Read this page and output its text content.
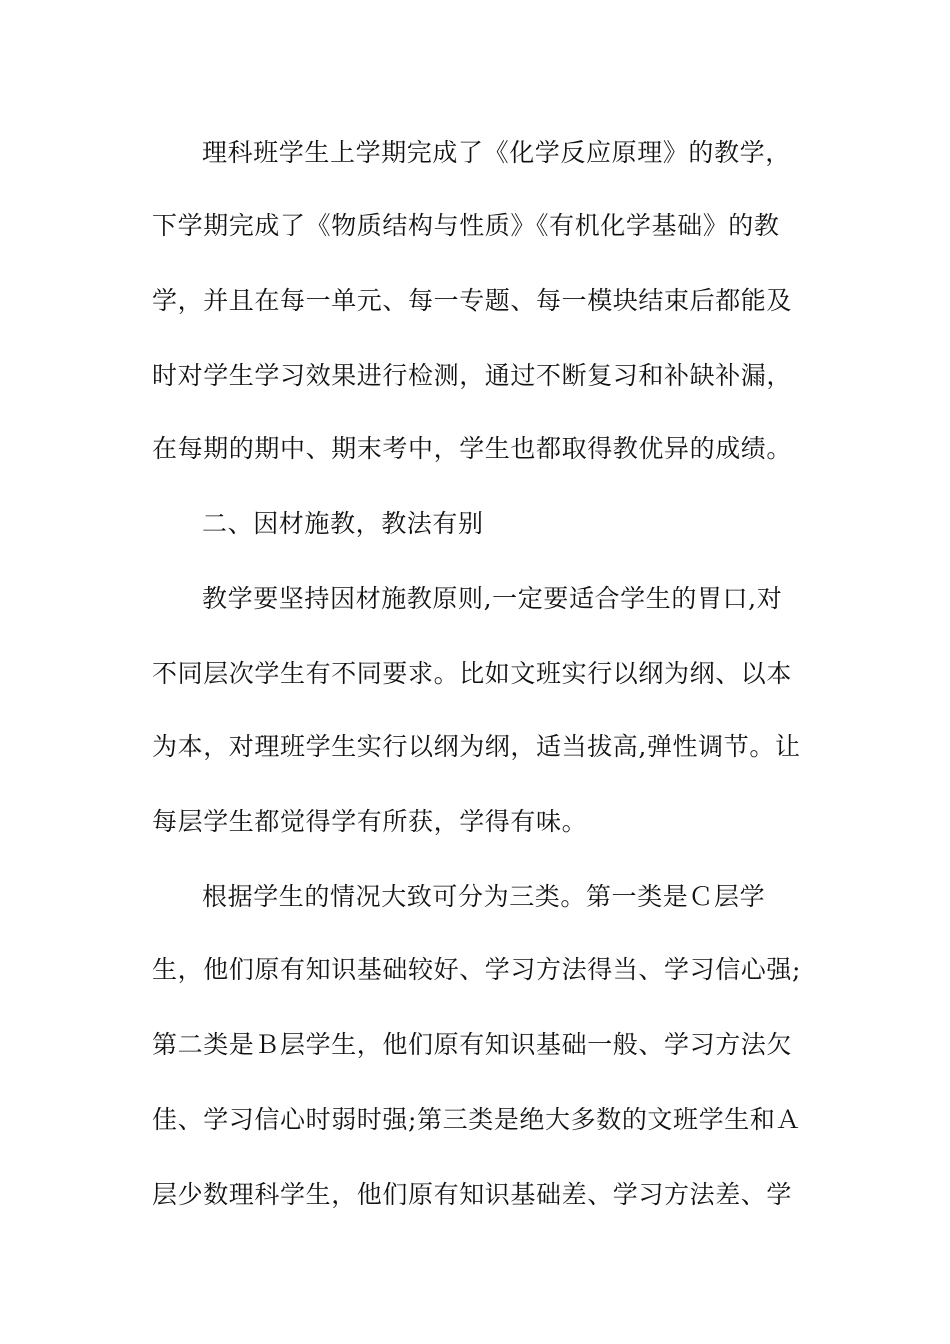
理科班学生上学期完成了《化学反应原理》的教学，
下学期完成了《物质结构与性质》《有机化学基础》的教
学，并且在每一单元、每一专题、每一模块结束后都能及
时对学生学习效果进行检测，通过不断复习和补缺补漏，
在每期的期中、期末考中，学生也都取得教优异的成绩。
二、因材施教，教法有别
教学要坚持因材施教原则,一定要适合学生的胃口,对
不同层次学生有不同要求。比如文班实行以纲为纲、以本
为本，对理班学生实行以纲为纲，适当拔高,弹性调节。让
每层学生都觉得学有所获，学得有味。
根据学生的情况大致可分为三类。第一类是Ｃ层学
生，他们原有知识基础较好、学习方法得当、学习信心强;
第二类是Ｂ层学生，他们原有知识基础一般、学习方法欠
佳、学习信心时弱时强;第三类是绝大多数的文班学生和Ａ
层少数理科学生，他们原有知识基础差、学习方法差、学
